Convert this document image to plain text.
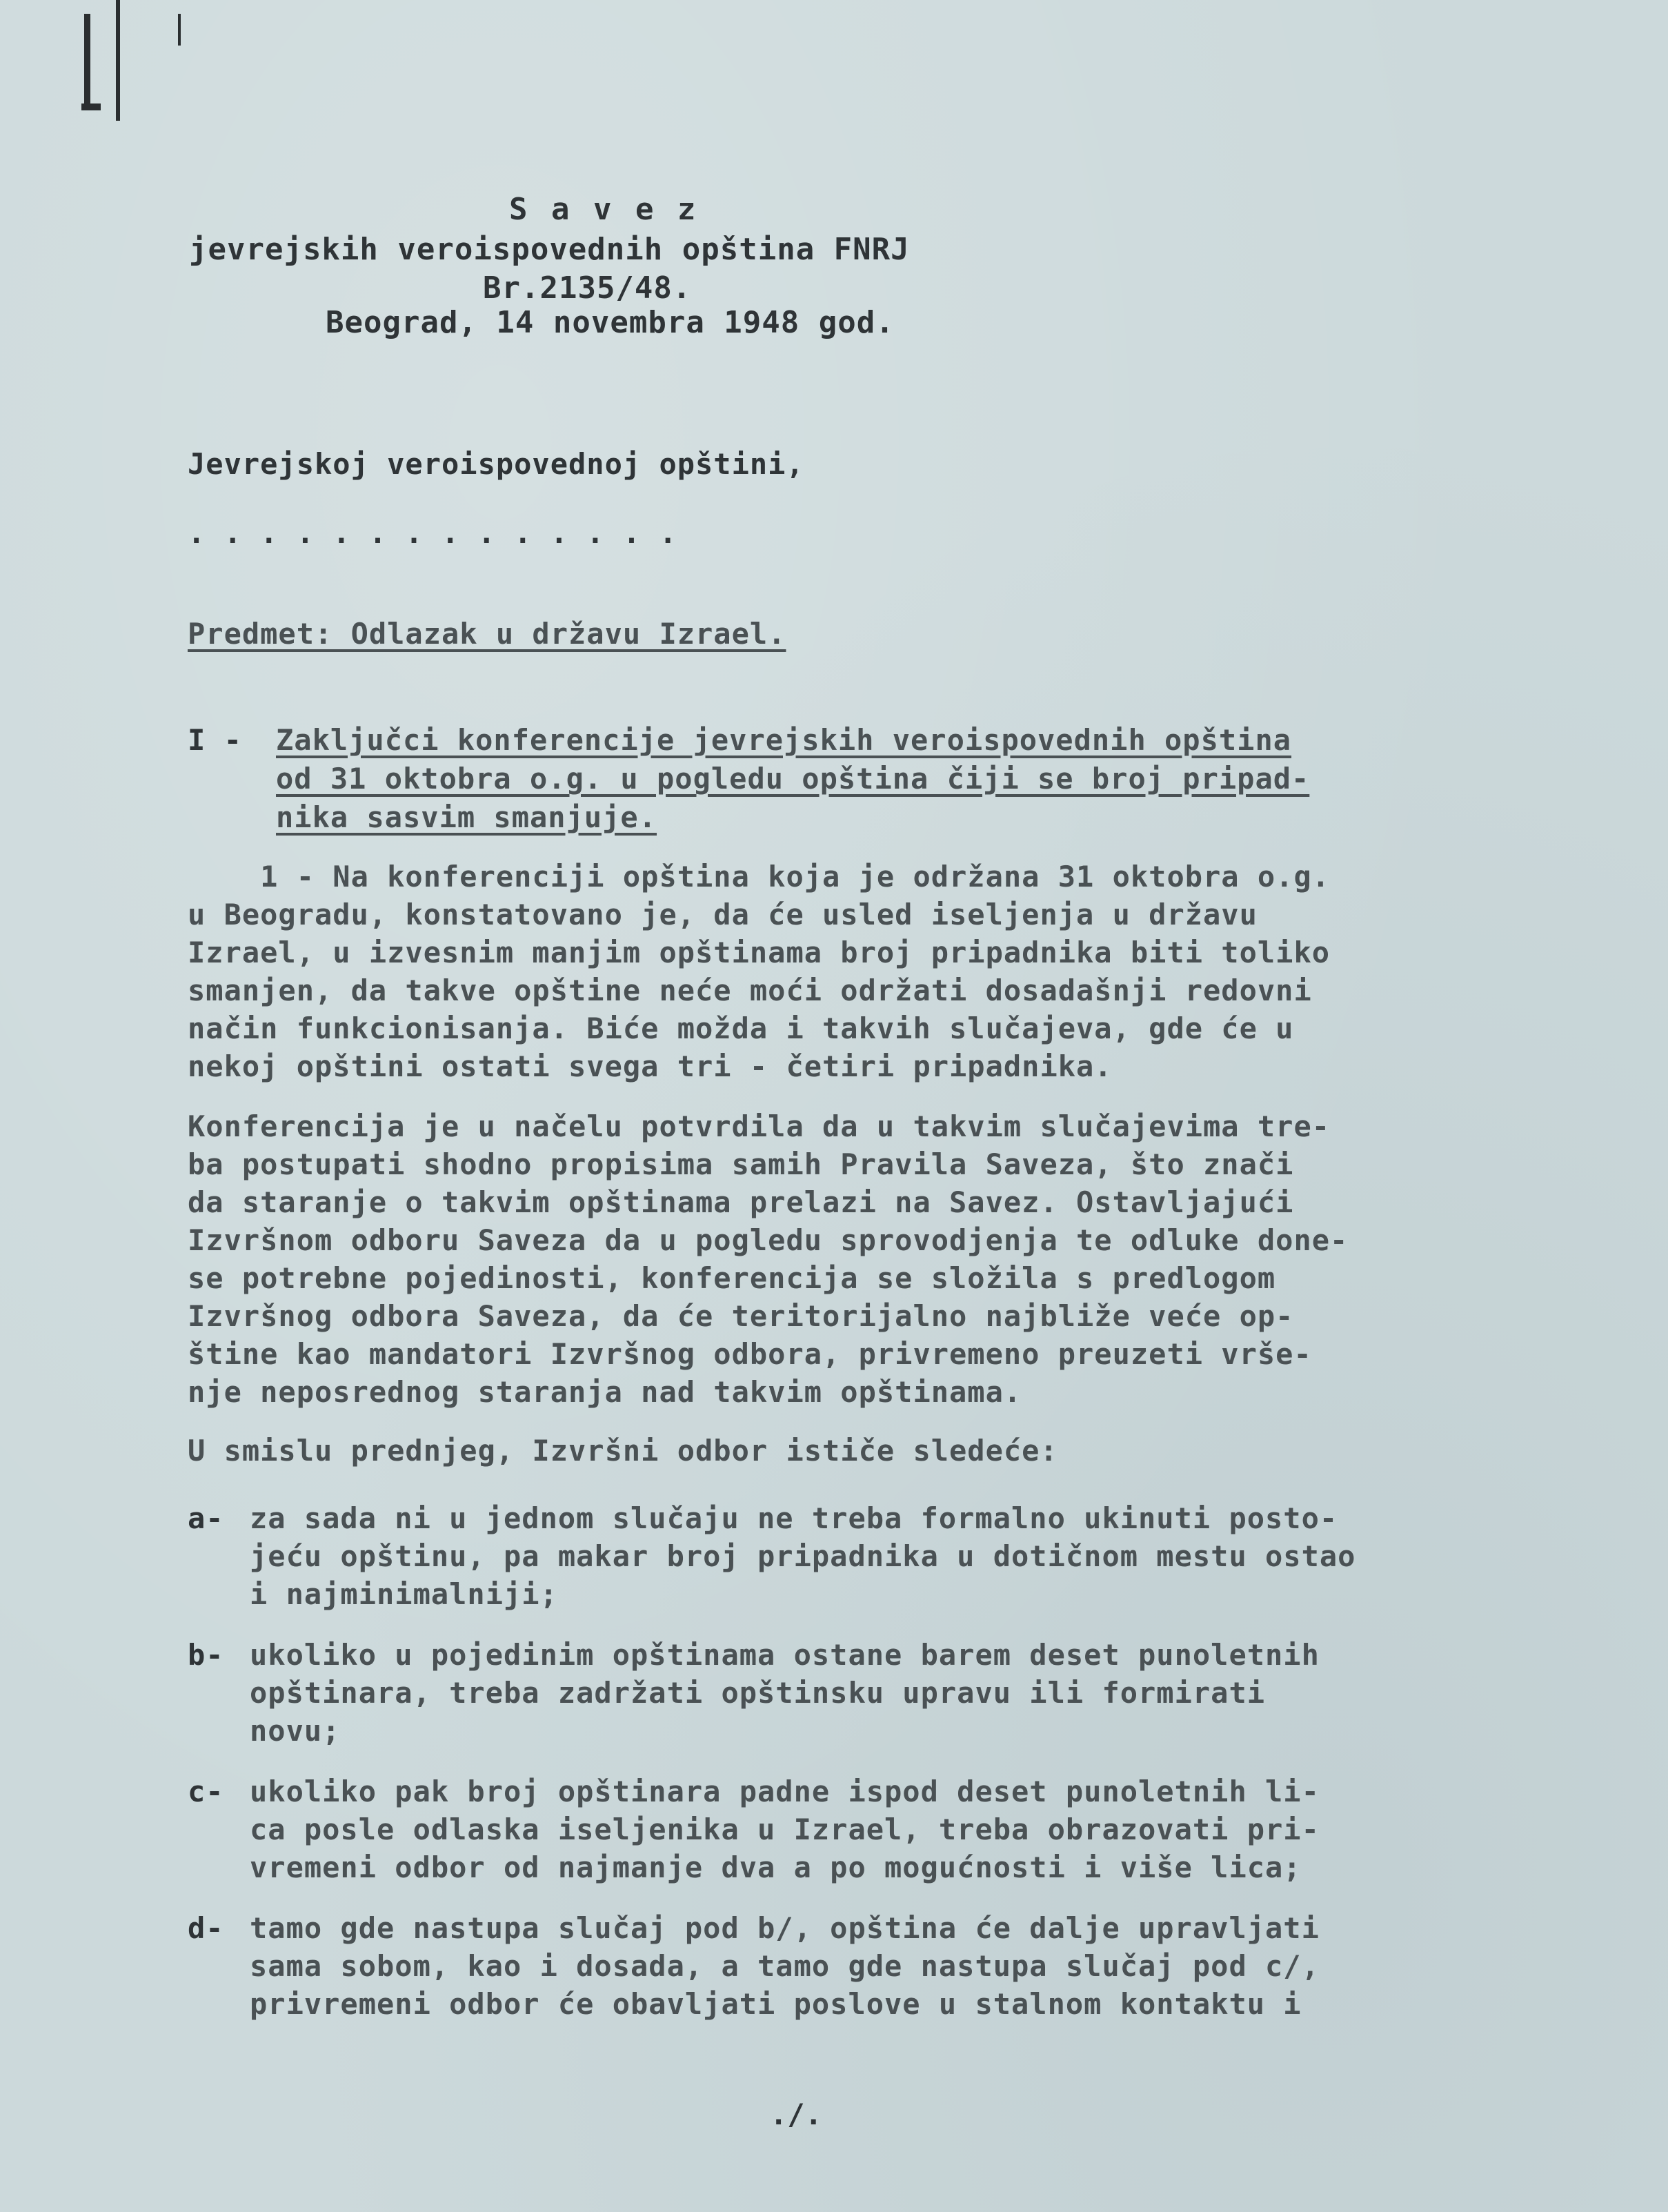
S a v e z
jevrejskih veroispovednih opština FNRJ
Br.2135/48.
Beograd, 14 novembra 1948 god.
Jevrejskoj veroispovednoj opštini,
. . . . . . . . . . . . . .
Predmet: Odlazak u državu Izrael.
I - Zaključci konferencije jevrejskih veroispovednih opština
od 31 oktobra o.g. u pogledu opština čiji se broj pripad-
nika sasvim smanjuje.
1 - Na konferenciji opština koja je održana 31 oktobra o.g.
u Beogradu, konstatovano je, da će usled iseljenja u državu
Izrael, u izvesnim manjim opštinama broj pripadnika biti toliko
smanjen, da takve opštine neće moći održati dosadašnji redovni
način funkcionisanja. Biće možda i takvih slučajeva, gde će u
nekoj opštini ostati svega tri - četiri pripadnika.
Konferencija je u načelu potvrdila da u takvim slučajevima tre-
ba postupati shodno propisima samih Pravila Saveza, što znači
da staranje o takvim opštinama prelazi na Savez. Ostavljajući
Izvršnom odboru Saveza da u pogledu sprovodjenja te odluke done-
se potrebne pojedinosti, konferencija se složila s predlogom
Izvršnog odbora Saveza, da će teritorijalno najbliže veće op-
štine kao mandatori Izvršnog odbora, privremeno preuzeti vrše-
nje neposrednog staranja nad takvim opštinama.
U smislu prednjeg, Izvršni odbor ističe sledeće:
a- za sada ni u jednom slučaju ne treba formalno ukinuti posto-
jeću opštinu, pa makar broj pripadnika u dotičnom mestu ostao
i najminimalniji;
b- ukoliko u pojedinim opštinama ostane barem deset punoletnih
opštinara, treba zadržati opštinsku upravu ili formirati
novu;
c- ukoliko pak broj opštinara padne ispod deset punoletnih li-
ca posle odlaska iseljenika u Izrael, treba obrazovati pri-
vremeni odbor od najmanje dva a po mogućnosti i više lica;
d- tamo gde nastupa slučaj pod b/, opština će dalje upravljati
sama sobom, kao i dosada, a tamo gde nastupa slučaj pod c/,
privremeni odbor će obavljati poslove u stalnom kontaktu i
./.
